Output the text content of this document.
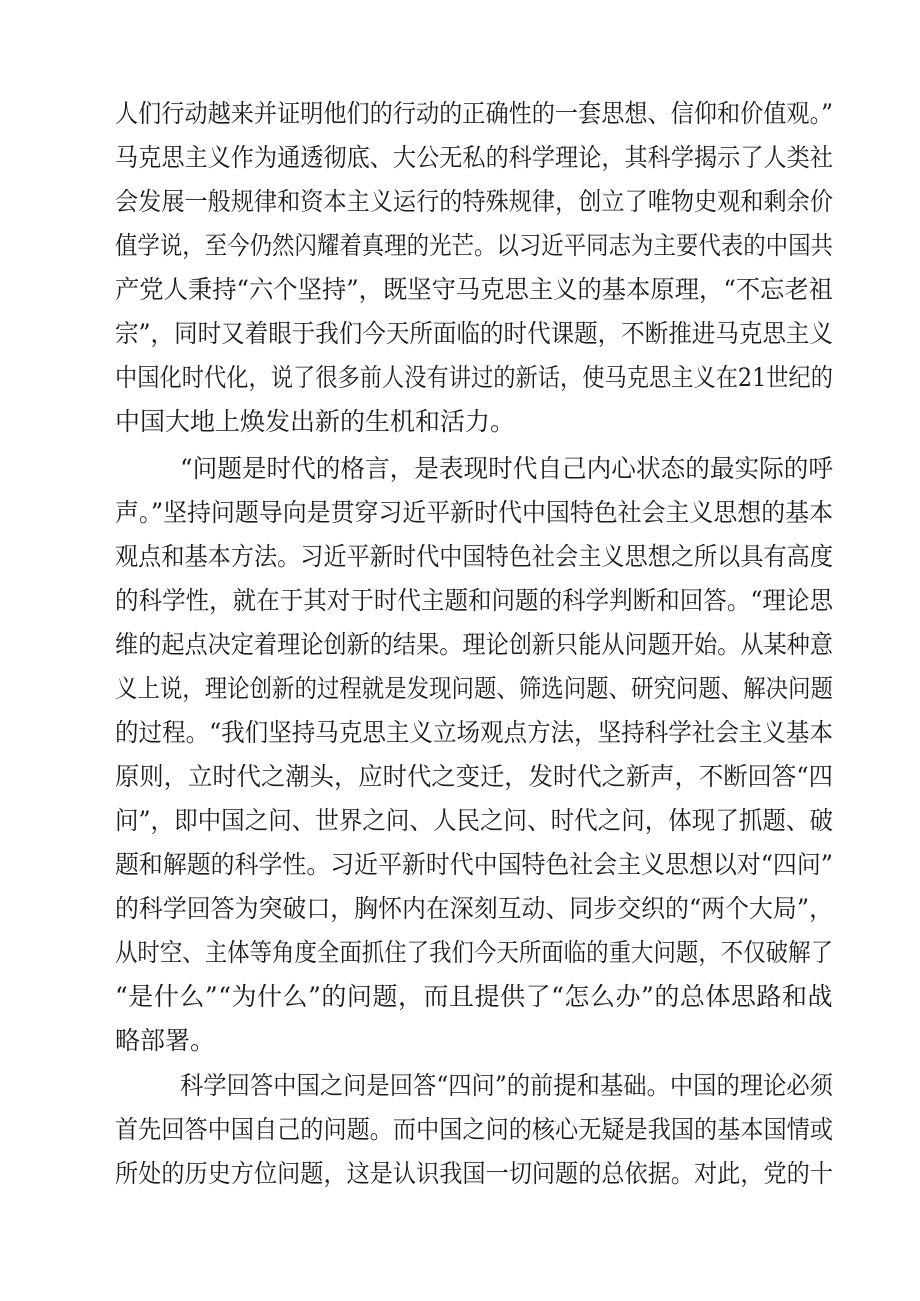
人们行动越来并证明他们的行动的正确性的一套思想、信仰和价值观。”
马克思主义作为通透彻底、大公无私的科学理论，其科学揭示了人类社
会发展一般规律和资本主义运行的特殊规律，创立了唯物史观和剩余价
值学说，至今仍然闪耀着真理的光芒。以习近平同志为主要代表的中国共
产党人秉持“六个坚持”，既坚守马克思主义的基本原理，“不忘老祖
宗”，同时又着眼于我们今天所面临的时代课题，不断推进马克思主义
中国化时代化，说了很多前人没有讲过的新话，使马克思主义在21世纪的
中国大地上焕发出新的生机和活力。
“问题是时代的格言，是表现时代自己内心状态的最实际的呼
声。”坚持问题导向是贯穿习近平新时代中国特色社会主义思想的基本
观点和基本方法。习近平新时代中国特色社会主义思想之所以具有高度
的科学性，就在于其对于时代主题和问题的科学判断和回答。“理论思
维的起点决定着理论创新的结果。理论创新只能从问题开始。从某种意
义上说，理论创新的过程就是发现问题、筛选问题、研究问题、解决问题
的过程。“我们坚持马克思主义立场观点方法，坚持科学社会主义基本
原则，立时代之潮头，应时代之变迁，发时代之新声，不断回答“四
问”，即中国之问、世界之问、人民之问、时代之问，体现了抓题、破
题和解题的科学性。习近平新时代中国特色社会主义思想以对“四问”
的科学回答为突破口，胸怀内在深刻互动、同步交织的“两个大局”，
从时空、主体等角度全面抓住了我们今天所面临的重大问题，不仅破解了
“是什么”“为什么”的问题，而且提供了“怎么办”的总体思路和战
略部署。
科学回答中国之问是回答“四问”的前提和基础。中国的理论必须
首先回答中国自己的问题。而中国之问的核心无疑是我国的基本国情或
所处的历史方位问题，这是认识我国一切问题的总依据。对此，党的十
